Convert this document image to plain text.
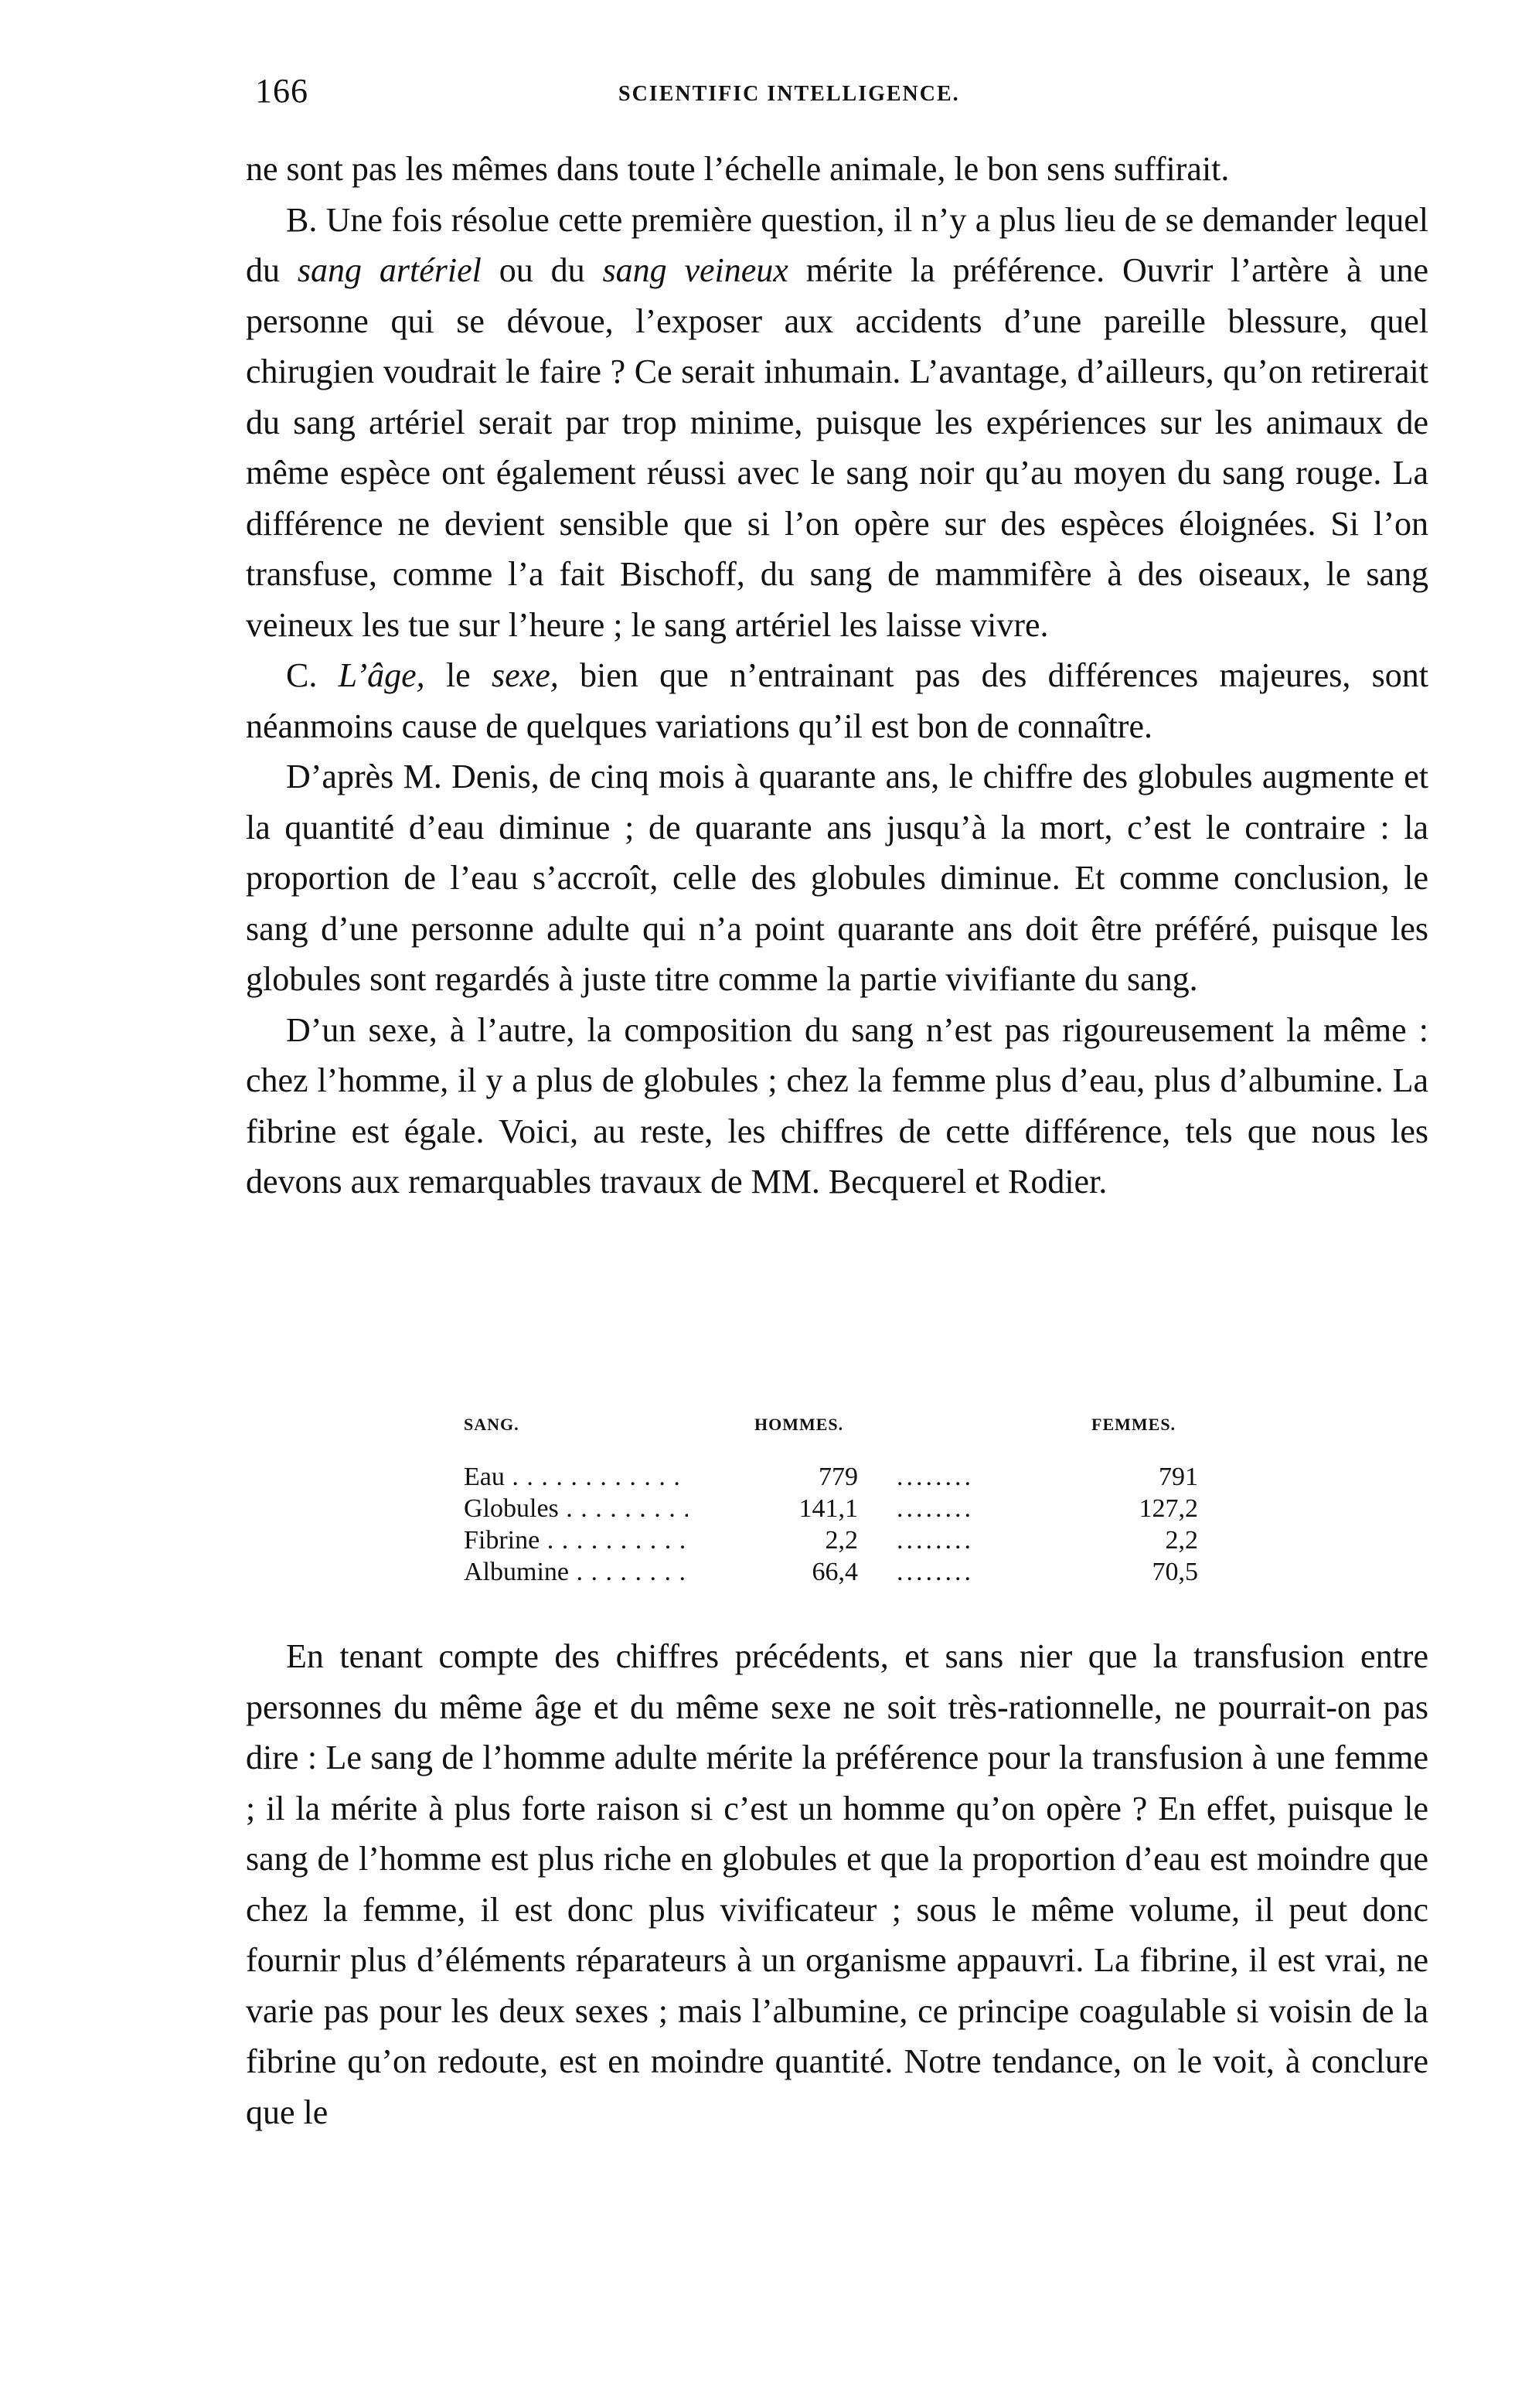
166	SCIENTIFIC INTELLIGENCE.

ne sont pas les mêmes dans toute l’échelle animale, le bon sens suffirait.

B. Une fois résolue cette première question, il n’y a plus lieu de se demander lequel du sang artériel ou du sang veineux mérite la préférence. Ouvrir l’artère à une personne qui se dévoue, l’exposer aux accidents d’une pareille blessure, quel chirugien voudrait le faire ? Ce serait inhumain. L’avantage, d’ailleurs, qu’on retirerait du sang artériel serait par trop minime, puisque les expériences sur les animaux de même espèce ont également réussi avec le sang noir qu’au moyen du sang rouge. La différence ne devient sensible que si l’on opère sur des espèces éloignées. Si l’on transfuse, comme l’a fait Bischoff, du sang de mammifère à des oiseaux, le sang veineux les tue sur l’heure ; le sang artériel les laisse vivre.

C. L’âge, le sexe, bien que n’entrainant pas des différences majeures, sont néanmoins cause de quelques variations qu’il est bon de connaître.

D’après M. Denis, de cinq mois à quarante ans, le chiffre des globules augmente et la quantité d’eau diminue ; de quarante ans jusqu’à la mort, c’est le contraire : la proportion de l’eau s’accroît, celle des globules diminue. Et comme conclusion, le sang d’une personne adulte qui n’a point quarante ans doit être préféré, puisque les globules sont regardés à juste titre comme la partie vivifiante du sang.

D’un sexe, à l’autre, la composition du sang n’est pas rigoureusement la même : chez l’homme, il y a plus de globules ; chez la femme plus d’eau, plus d’albumine. La fibrine est égale. Voici, au reste, les chiffres de cette différence, tels que nous les devons aux remarquables travaux de MM. Becquerel et Rodier.

SANG.	HOMMES.	FEMMES.
Eau . . .	779 ........	791
Globules . . .	141,1 ........	127,2
Fibrine . . .	2,2 ........	2,2
Albumine . . .	66,4 ........	70,5

En tenant compte des chiffres précédents, et sans nier que la transfusion entre personnes du même âge et du même sexe ne soit très-rationnelle, ne pourrait-on pas dire : Le sang de l’homme adulte mérite la préférence pour la transfusion à une femme ; il la mérite à plus forte raison si c’est un homme qu’on opère ? En effet, puisque le sang de l’homme est plus riche en globules et que la proportion d’eau est moindre que chez la femme, il est donc plus vivificateur ; sous le même volume, il peut donc fournir plus d’éléments réparateurs à un organisme appauvri. La fibrine, il est vrai, ne varie pas pour les deux sexes ; mais l’albumine, ce principe coagulable si voisin de la fibrine qu’on redoute, est en moindre quantité. Notre tendance, on le voit, à conclure que le
